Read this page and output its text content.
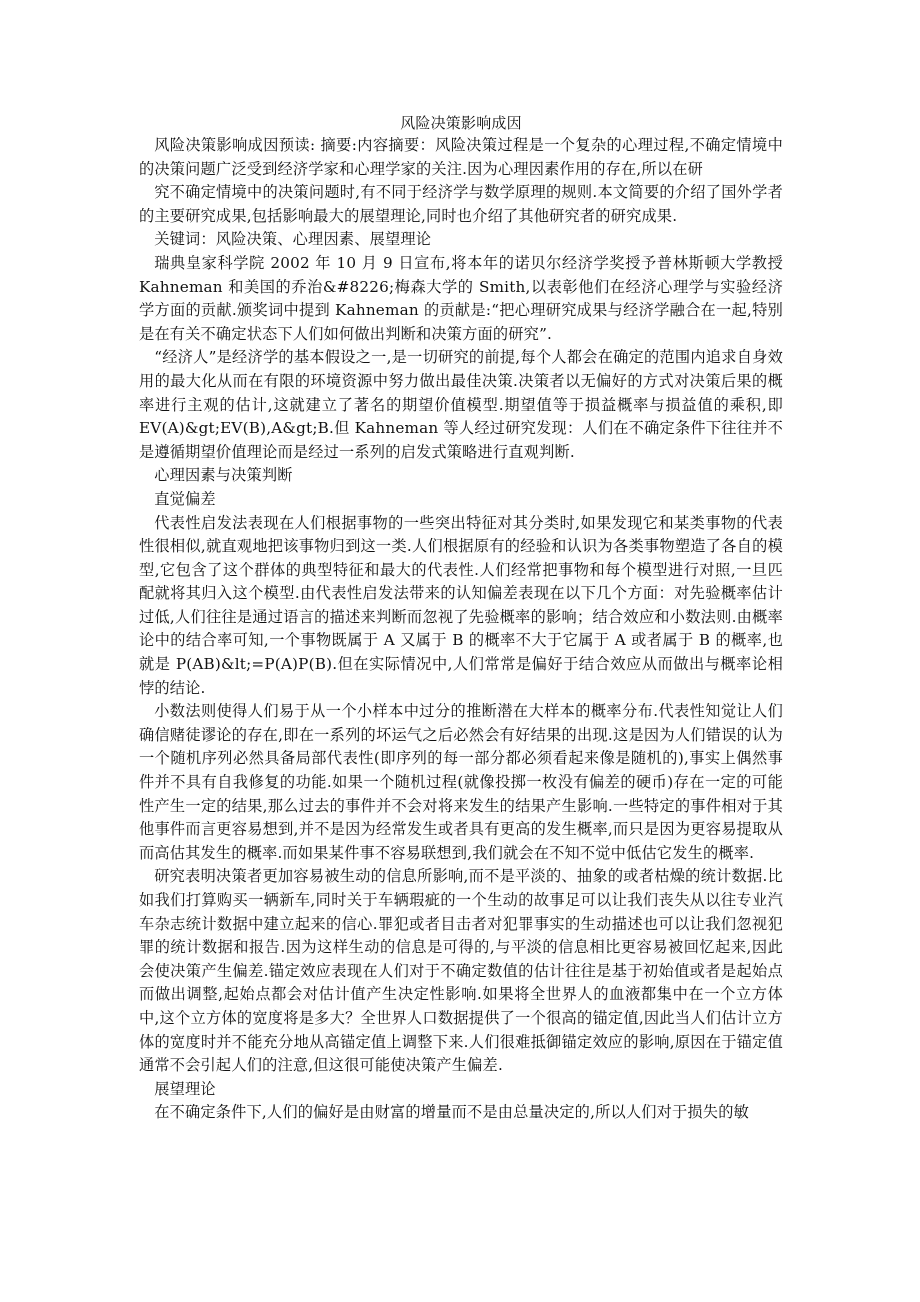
风险决策影响成因

风险决策影响成因预读: 摘要:内容摘要：风险决策过程是一个复杂的心理过程,不确定情境中的决策问题广泛受到经济学家和心理学家的关注.因为心理因素作用的存在,所以在研

究不确定情境中的决策问题时,有不同于经济学与数学原理的规则.本文简要的介绍了国外学者的主要研究成果,包括影响最大的展望理论,同时也介绍了其他研究者的研究成果.

关键词：风险决策、心理因素、展望理论

瑞典皇家科学院 2002 年 10 月 9 日宣布,将本年的诺贝尔经济学奖授予普林斯顿大学教授 Kahneman 和美国的乔治&#8226;梅森大学的 Smith,以表彰他们在经济心理学与实验经济学方面的贡献.颁奖词中提到 Kahneman 的贡献是:“把心理研究成果与经济学融合在一起,特别是在有关不确定状态下人们如何做出判断和决策方面的研究”.

“经济人”是经济学的基本假设之一,是一切研究的前提,每个人都会在确定的范围内追求自身效用的最大化从而在有限的环境资源中努力做出最佳决策.决策者以无偏好的方式对决策后果的概率进行主观的估计,这就建立了著名的期望价值模型.期望值等于损益概率与损益值的乘积,即 EV(A)&gt;EV(B),A&gt;B.但 Kahneman 等人经过研究发现：人们在不确定条件下往往并不是遵循期望价值理论而是经过一系列的启发式策略进行直观判断.

心理因素与决策判断

直觉偏差

代表性启发法表现在人们根据事物的一些突出特征对其分类时,如果发现它和某类事物的代表性很相似,就直观地把该事物归到这一类.人们根据原有的经验和认识为各类事物塑造了各自的模型,它包含了这个群体的典型特征和最大的代表性.人们经常把事物和每个模型进行对照,一旦匹配就将其归入这个模型.由代表性启发法带来的认知偏差表现在以下几个方面：对先验概率估计过低,人们往往是通过语言的描述来判断而忽视了先验概率的影响；结合效应和小数法则.由概率论中的结合率可知,一个事物既属于 A 又属于 B 的概率不大于它属于 A 或者属于 B 的概率,也就是 P(AB)&lt;=P(A)P(B).但在实际情况中,人们常常是偏好于结合效应从而做出与概率论相悖的结论.

小数法则使得人们易于从一个小样本中过分的推断潜在大样本的概率分布.代表性知觉让人们确信赌徒谬论的存在,即在一系列的坏运气之后必然会有好结果的出现.这是因为人们错误的认为一个随机序列必然具备局部代表性(即序列的每一部分都必须看起来像是随机的),事实上偶然事件并不具有自我修复的功能.如果一个随机过程(就像投掷一枚没有偏差的硬币)存在一定的可能性产生一定的结果,那么过去的事件并不会对将来发生的结果产生影响.一些特定的事件相对于其他事件而言更容易想到,并不是因为经常发生或者具有更高的发生概率,而只是因为更容易提取从而高估其发生的概率.而如果某件事不容易联想到,我们就会在不知不觉中低估它发生的概率.

研究表明决策者更加容易被生动的信息所影响,而不是平淡的、抽象的或者枯燥的统计数据.比如我们打算购买一辆新车,同时关于车辆瑕疵的一个生动的故事足可以让我们丧失从以往专业汽车杂志统计数据中建立起来的信心.罪犯或者目击者对犯罪事实的生动描述也可以让我们忽视犯罪的统计数据和报告.因为这样生动的信息是可得的,与平淡的信息相比更容易被回忆起来,因此会使决策产生偏差.锚定效应表现在人们对于不确定数值的估计往往是基于初始值或者是起始点而做出调整,起始点都会对估计值产生决定性影响.如果将全世界人的血液都集中在一个立方体中,这个立方体的宽度将是多大？全世界人口数据提供了一个很高的锚定值,因此当人们估计立方体的宽度时并不能充分地从高锚定值上调整下来.人们很难抵御锚定效应的影响,原因在于锚定值通常不会引起人们的注意,但这很可能使决策产生偏差.

展望理论

在不确定条件下,人们的偏好是由财富的增量而不是由总量决定的,所以人们对于损失的敏
